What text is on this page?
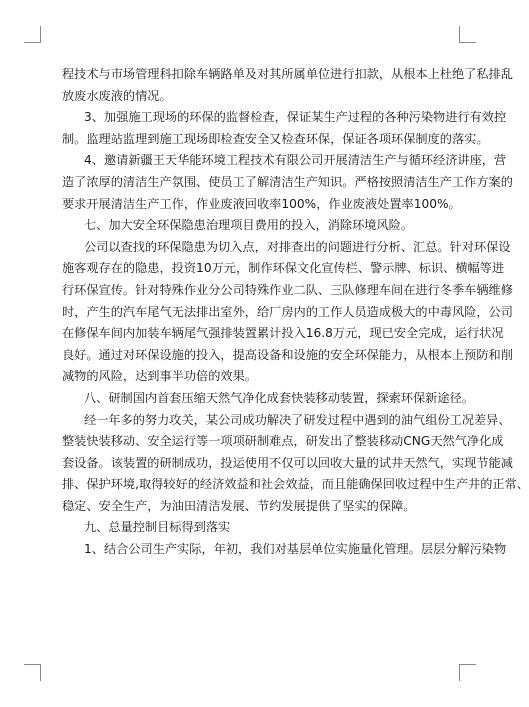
程技术与市场管理科扣除车辆路单及对其所属单位进行扣款，从根本上杜绝了私排乱
放废水废液的情况。
3、加强施工现场的环保的监督检查，保证某生产过程的各种污染物进行有效控
制。监理站监理到施工现场即检查安全又检查环保，保证各项环保制度的落实。
4、邀请新疆王天华能环境工程技术有限公司开展清洁生产与循环经济讲座，营
造了浓厚的清洁生产氛围、使员工了解清洁生产知识。严格按照清洁生产工作方案的
要求开展清洁生产工作，作业废液回收率100%，作业废液处置率100%。
七、加大安全环保隐患治理项目费用的投入，消除环境风险。
公司以查找的环保隐患为切入点，对排查出的问题进行分析、汇总。针对环保设
施客观存在的隐患，投资10万元，制作环保文化宣传栏、警示牌、标识、横幅等进
行环保宣传。针对特殊作业分公司特殊作业二队、三队修理车间在进行冬季车辆维修
时，产生的汽车尾气无法排出室外，给厂房内的工作人员造成极大的中毒风险，公司
在修保车间内加装车辆尾气强排装置累计投入16.8万元，现已安全完成，运行状况
良好。通过对环保设施的投入，提高设备和设施的安全环保能力，从根本上预防和削
减物的风险，达到事半功倍的效果。
八、研制国内首套压缩天然气净化成套快装移动装置，探索环保新途径。
经一年多的努力攻关，某公司成功解决了研发过程中遇到的油气组份工况差异、
整装快装移动、安全运行等一项项研制难点，研发出了整装移动CNG天然气净化成
套设备。该装置的研制成功，投运使用不仅可以回收大量的试井天然气，实现节能减
排、保护环境,取得较好的经济效益和社会效益，而且能确保回收过程中生产井的正常、
稳定、安全生产，为油田清洁发展、节约发展提供了坚实的保障。
九、总量控制目标得到落实
1、结合公司生产实际，年初，我们对基层单位实施量化管理。层层分解污染物
